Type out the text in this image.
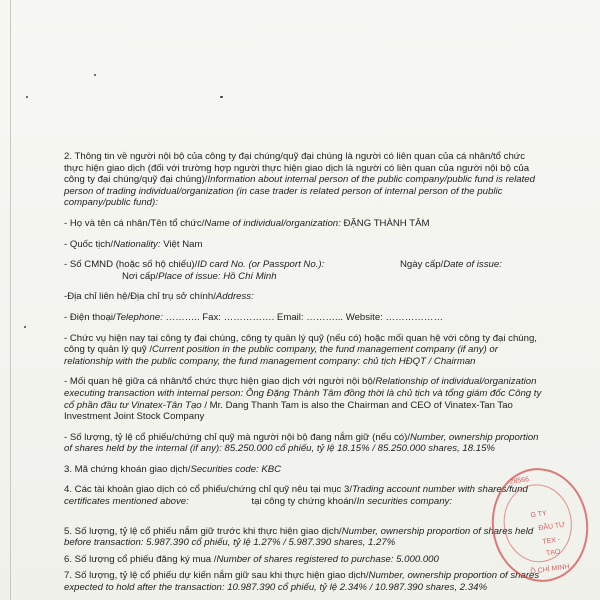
2. Thông tin về người nội bộ của công ty đại chúng/quỹ đại chúng là người có liên quan của cá nhân/tổ chức thực hiện giao dịch (đối với trường hợp người thực hiện giao dịch là người có liên quan của người nội bộ của công ty đại chúng/quỹ đại chúng)/Information about internal person of the public company/public fund is related person of trading individual/organization (in case trader is related person of internal person of the public company/public fund):

- Họ và tên cá nhân/Tên tổ chức/Name of individual/organization: ĐẶNG THÀNH TÂM

- Quốc tịch/Nationality: Việt Nam

- Số CMND (hoặc số hộ chiếu)/ID card No. (or Passport No.):	Ngày cấp/Date of issue:

Nơi cấp/Place of issue: Hồ Chí Minh

-Địa chỉ liên hệ/Địa chỉ trụ sở chính/Address:

- Điện thoại/Telephone: ……….. Fax: ……………. Email: ………... Website: ………………

- Chức vụ hiện nay tại công ty đại chúng, công ty quản lý quỹ (nếu có) hoặc mối quan hệ với công ty đại chúng, công ty quản lý quỹ /Current position in the public company, the fund management company (if any) or relationship with the public company, the fund management company: chủ tịch HĐQT / Chairman

- Mối quan hệ giữa cá nhân/tổ chức thực hiện giao dịch với người nội bộ/Relationship of individual/organization executing transaction with internal person: Ông Đặng Thành Tâm đồng thời là chủ tịch và tổng giám đốc Công ty cổ phần đầu tư Vinatex-Tân Tạo / Mr. Dang Thanh Tam is also the Chairman and CEO of Vinatex-Tan Tao Investment Joint Stock Company

- Số lượng, tỷ lệ cổ phiếu/chứng chỉ quỹ mà người nội bộ đang nắm giữ (nếu có)/Number, ownership proportion of shares held by the internal (if any): 85.250.000 cổ phiếu, tỷ lệ 18.15% / 85.250.000 shares, 18.15%

3. Mã chứng khoán giao dịch/Securities code: KBC

4. Các tài khoản giao dịch có cổ phiếu/chứng chỉ quỹ nêu tại mục 3/Trading account number with shares/fund certificates mentioned above:	tại công ty chứng khoán/In securities company:

5. Số lượng, tỷ lệ cổ phiếu nắm giữ trước khi thực hiện giao dịch/Number, ownership proportion of shares held before transaction: 5.987.390 cổ phiếu, tỷ lệ 1.27% / 5.987.390 shares, 1.27%

6. Số lượng cổ phiếu đăng ký mua /Number of shares registered to purchase: 5.000.000

7. Số lượng, tỷ lệ cổ phiếu dự kiến nắm giữ sau khi thực hiện giao dịch/Number, ownership proportion of shares expected to hold after the transaction: 10.987.390 cổ phiếu, tỷ lệ 2.34% / 10.987.390 shares, 2.34%

28566
G TY
ĐẦU TƯ
TEX -
TẠO
Ồ CHÍ MINH
